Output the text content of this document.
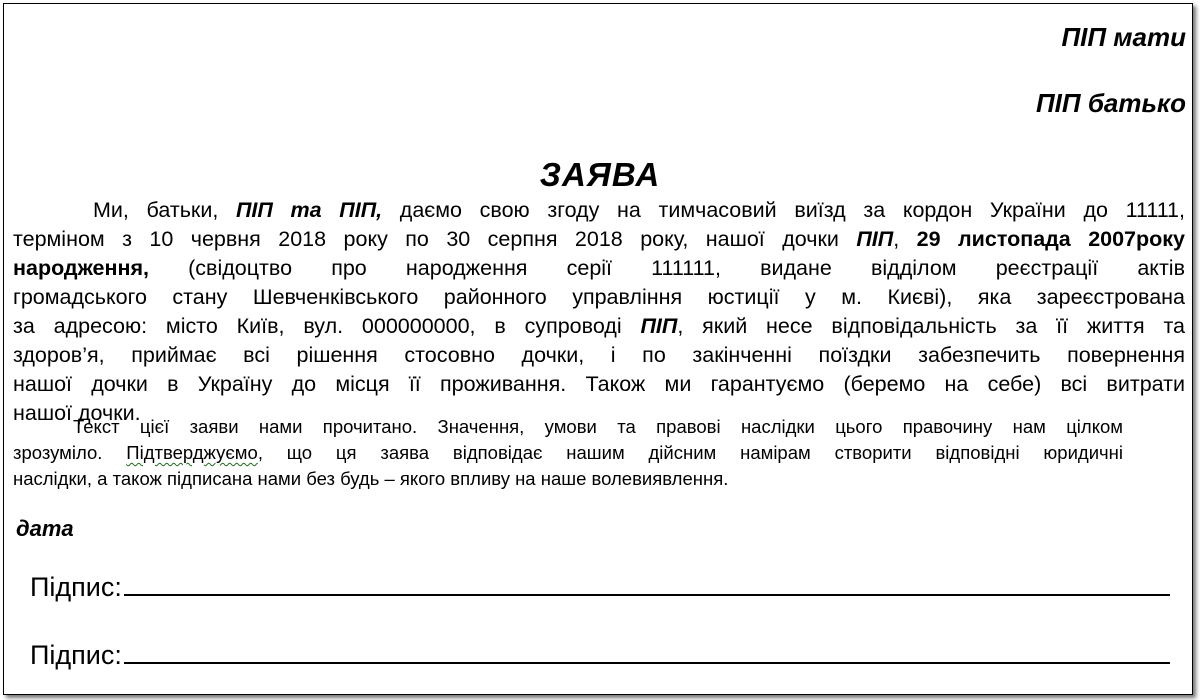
ПІП мати
ПІП батько
ЗАЯВА
Ми, батьки, ПІП та ПІП, даємо свою згоду на тимчасовий виїзд за кордон України до 11111,
терміном з 10 червня 2018 року по 30 серпня 2018 року, нашої дочки ПІП, 29 листопада 2007року
народження, (свідоцтво про народження серії 111111, видане відділом реєстрації актів
громадського стану Шевченківського районного управління юстиції у м. Києві), яка зареєстрована
за адресою: місто Київ, вул. 000000000, в супроводі ПІП, який несе відповідальність за її життя та
здоров’я, приймає всі рішення стосовно дочки, і по закінченні поїздки забезпечить повернення
нашої дочки в Україну до місця її проживання. Також ми гарантуємо (беремо на себе) всі витрати
нашої дочки.
Текст цієї заяви нами прочитано. Значення, умови та правові наслідки цього правочину нам цілком
зрозуміло. Підтверджуємо, що ця заява відповідає нашим дійсним намірам створити відповідні юридичні
наслідки, а також підписана нами без будь – якого впливу на наше волевиявлення.
дата
Підпис:
Підпис:
